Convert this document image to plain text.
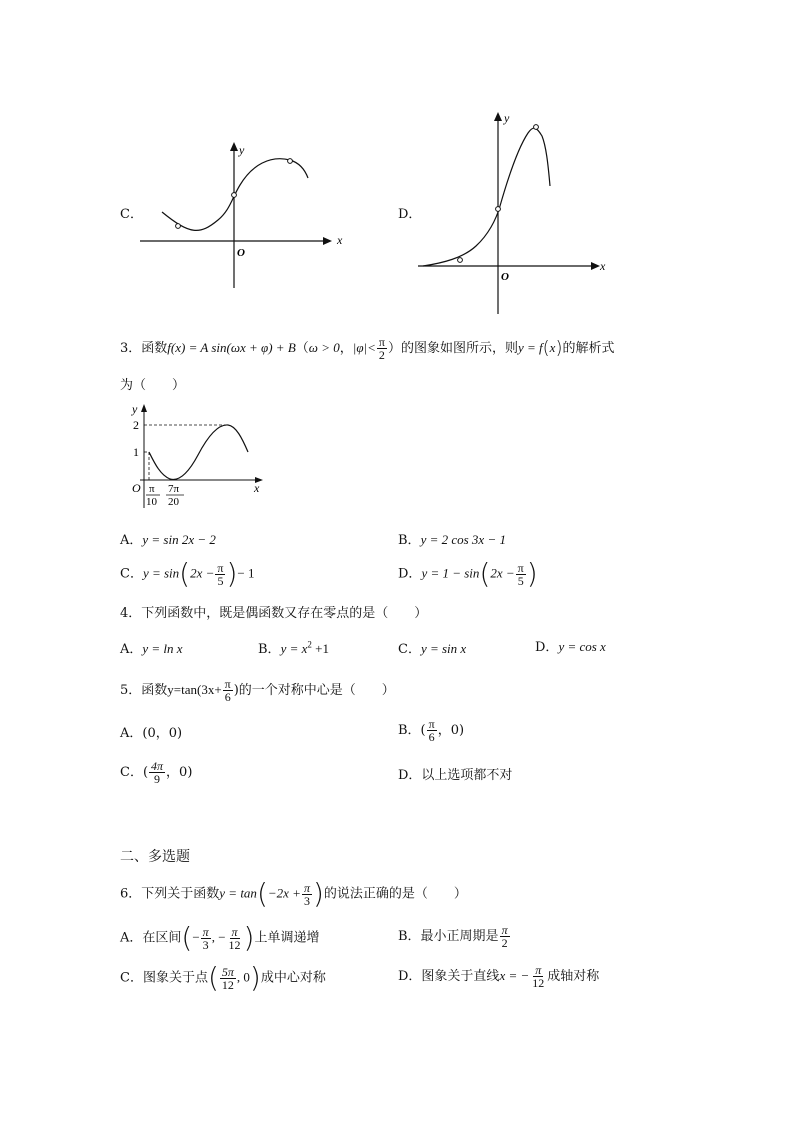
C．
x
y
O
D．
x
y
O
3．函数f(x) = A sin(ωx + φ) + B（ω > 0，$|\varphi|< \frac{\pi}{2}$ ）的图象如图所示，则y = f(x)的解析式
为（　　）
y
x
O
2
1
π
10
7π
20
A．y = sin 2x − 2	B．y = 2 cos 3x − 1
C．$y = \sin(2x - \frac{\pi}{5}$ )− 1	D．$y = 1 - \sin(2x - \frac{\pi}{5}$ )
4．下列函数中，既是偶函数又存在零点的是（　　）
A．y = ln x	B．$y = x^2 +1$	C．y = sin x	D．y = cos x
5．函数$y=\tan(3x+ \frac{\pi}{6}$ )的一个对称中心是（　　）
A．(0，0)	B．( $\frac{\pi}{6}$ ，0)
C．( $\frac{4\pi}{9}$ ，0)	D．以上选项都不对
二、多选题
6．下列关于函数$y = \tan(-2x + \frac{\pi}{3}$ )的说法正确的是（　　）
A．在区间(− $\frac{\pi}{3}$ , − $\frac{\pi}{12}$ )上单调递增	B．最小正周期是 $\frac{\pi}{2}$
C．图象关于点( $\frac{5\pi}{12}$ , 0)成中心对称	D．图象关于直线x = − $\frac{\pi}{12}$ 成轴对称
